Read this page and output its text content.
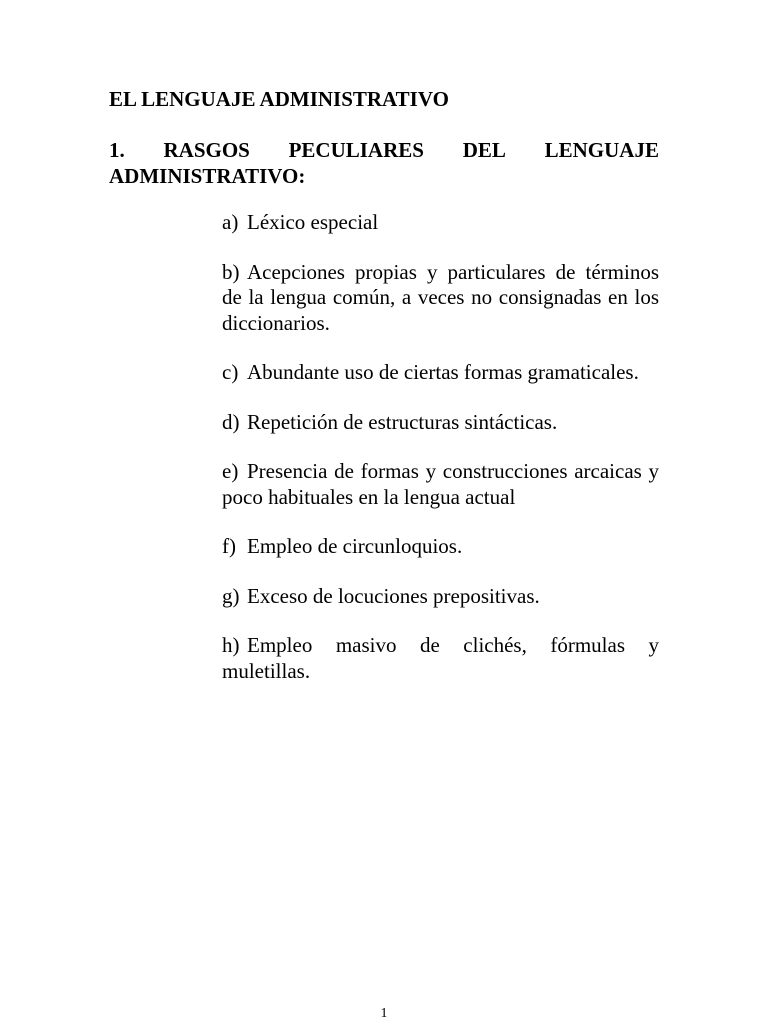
EL LENGUAJE ADMINISTRATIVO
1. RASGOS PECULIARES DEL LENGUAJE
ADMINISTRATIVO:
a) Léxico especial
b) Acepciones propias y particulares de términos de la lengua común, a veces no consignadas en los diccionarios.
c) Abundante uso de ciertas formas gramaticales.
d) Repetición de estructuras sintácticas.
e) Presencia de formas y construcciones arcaicas y poco habituales en la lengua actual
f) Empleo de circunloquios.
g) Exceso de locuciones prepositivas.
h) Empleo masivo de clichés, fórmulas y muletillas.
1
